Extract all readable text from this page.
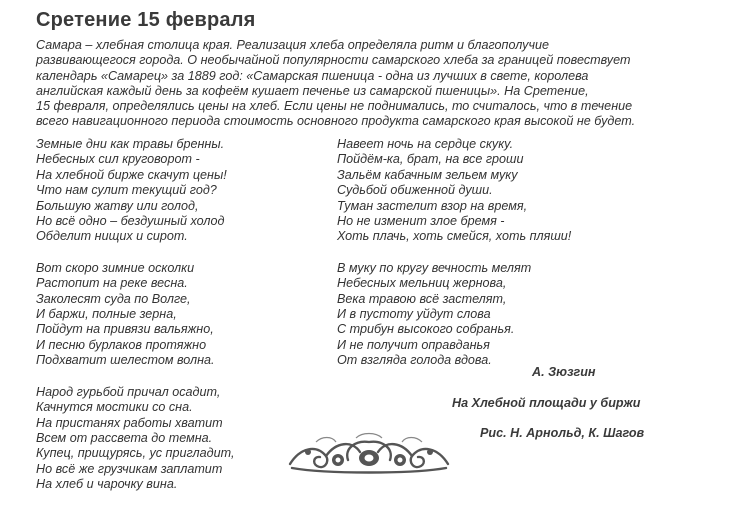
Сретение 15 февраля
Самара – хлебная столица края. Реализация хлеба определяла ритм и благополучие
развивающегося города. О необычайной популярности самарского хлеба за границей повествует
календарь «Самарец» за 1889 год: «Самарская пшеница - одна из лучших в свете, королева
английская каждый день за кофеём кушает печенье из самарской пшеницы». На Сретение,
15 февраля, определялись цены на хлеб. Если цены не поднимались, то считалось, что в течение
всего навигационного периода стоимость основного продукта самарского края высокой не будет.
Земные дни как травы бренны.
Небесных сил круговорот -
На хлебной бирже скачут цены!
Что нам сулит текущий год?
Большую жатву или голод,
Но всё одно – бездушный холод
Обделит нищих и сирот.
Вот скоро зимние осколки
Растопит на реке весна.
Заколесят суда по Волге,
И баржи, полные зерна,
Пойдут на привязи вальяжно,
И песню бурлаков протяжно
Подхватит шелестом волна.
Народ гурьбой причал осадит,
Качнутся мостики со сна.
На пристанях работы хватит
Всем от рассвета до темна.
Купец, прищурясь, ус пригладит,
Но всё же грузчикам заплатит
На хлеб и чарочку вина.
Навеет ночь на сердце скуку.
Пойдём-ка, брат, на все гроши
Зальём кабачным зельем муку
Судьбой обиженной души.
Туман застелит взор на время,
Но не изменит злое бремя -
Хоть плачь, хоть смейся, хоть пляши!
В муку по кругу вечность мелят
Небесных мельниц жернова,
Века травою всё застелят,
И в пустоту уйдут слова
С трибун высокого собранья.
И не получит оправданья
От взгляда голода вдова.
А. Зюзгин
На Хлебной площади у биржи
Рис. Н. Арнольд, К. Шагов
